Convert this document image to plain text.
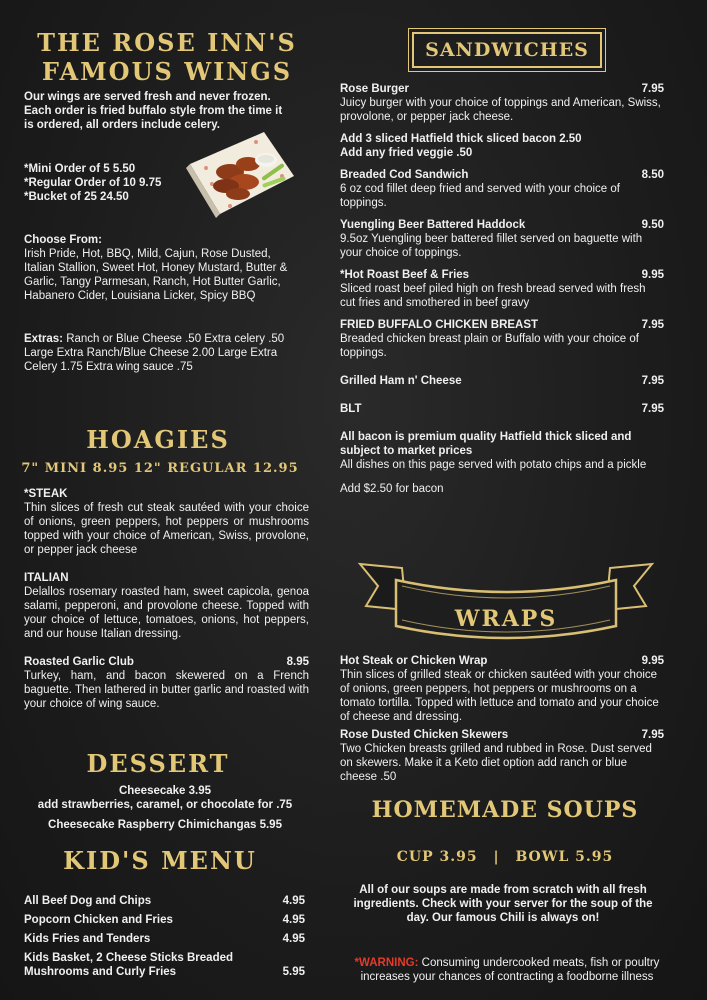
THE ROSE INN'S
FAMOUS WINGS
Our wings are served fresh and never frozen. Each order is fried buffalo style from the time it is ordered, all orders include celery.
*Mini Order of 5 5.50
*Regular Order of 10 9.75
*Bucket of 25 24.50
Choose From:
Irish Pride, Hot, BBQ, Mild, Cajun, Rose Dusted, Italian Stallion, Sweet Hot, Honey Mustard, Butter & Garlic, Tangy Parmesan, Ranch, Hot Butter Garlic, Habanero Cider, Louisiana Licker, Spicy BBQ
Extras: Ranch or Blue Cheese .50 Extra celery .50 Large Extra Ranch/Blue Cheese 2.00 Large Extra Celery 1.75 Extra wing sauce .75
HOAGIES
7" MINI 8.95 12" REGULAR 12.95
*STEAK
Thin slices of fresh cut steak sautéed with your choice of onions, green peppers, hot peppers or mushrooms topped with your choice of American, Swiss, provolone, or pepper jack cheese
ITALIAN
Delallos rosemary roasted ham, sweet capicola, genoa salami, pepperoni, and provolone cheese. Topped with your choice of lettuce, tomatoes, onions, hot peppers, and our house Italian dressing.
Roasted Garlic Club	8.95
Turkey, ham, and bacon skewered on a French baguette. Then lathered in butter garlic and roasted with your choice of wing sauce.
DESSERT
Cheesecake 3.95
add strawberries, caramel, or chocolate for .75
Cheesecake Raspberry Chimichangas 5.95
KID'S MENU
All Beef Dog and Chips	4.95
Popcorn Chicken and Fries	4.95
Kids Fries and Tenders	4.95
Kids Basket, 2 Cheese Sticks Breaded Mushrooms and Curly Fries	5.95
SANDWICHES
Rose Burger	7.95
Juicy burger with your choice of toppings and American, Swiss, provolone, or pepper jack cheese.
Add 3 sliced Hatfield thick sliced bacon 2.50
Add any fried veggie .50
Breaded Cod Sandwich	8.50
6 oz cod fillet deep fried and served with your choice of toppings.
Yuengling Beer Battered Haddock	9.50
9.5oz Yuengling beer battered fillet served on baguette with your choice of toppings.
*Hot Roast Beef & Fries	9.95
Sliced roast beef piled high on fresh bread served with fresh cut fries and smothered in beef gravy
FRIED BUFFALO CHICKEN BREAST	7.95
Breaded chicken breast plain or Buffalo with your choice of toppings.
Grilled Ham n' Cheese	7.95
BLT	7.95
All bacon is premium quality Hatfield thick sliced and subject to market prices
All dishes on this page served with potato chips and a pickle
Add $2.50 for bacon
WRAPS
Hot Steak or Chicken Wrap	9.95
Thin slices of grilled steak or chicken sautéed with your choice of onions, green peppers, hot peppers or mushrooms on a tomato tortilla. Topped with lettuce and tomato and your choice of cheese and dressing.
Rose Dusted Chicken Skewers	7.95
Two Chicken breasts grilled and rubbed in Rose. Dust served on skewers. Make it a Keto diet option add ranch or blue cheese .50
HOMEMADE SOUPS
CUP 3.95 | BOWL 5.95
All of our soups are made from scratch with all fresh ingredients. Check with your server for the soup of the day. Our famous Chili is always on!
*WARNING: Consuming undercooked meats, fish or poultry increases your chances of contracting a foodborne illness
